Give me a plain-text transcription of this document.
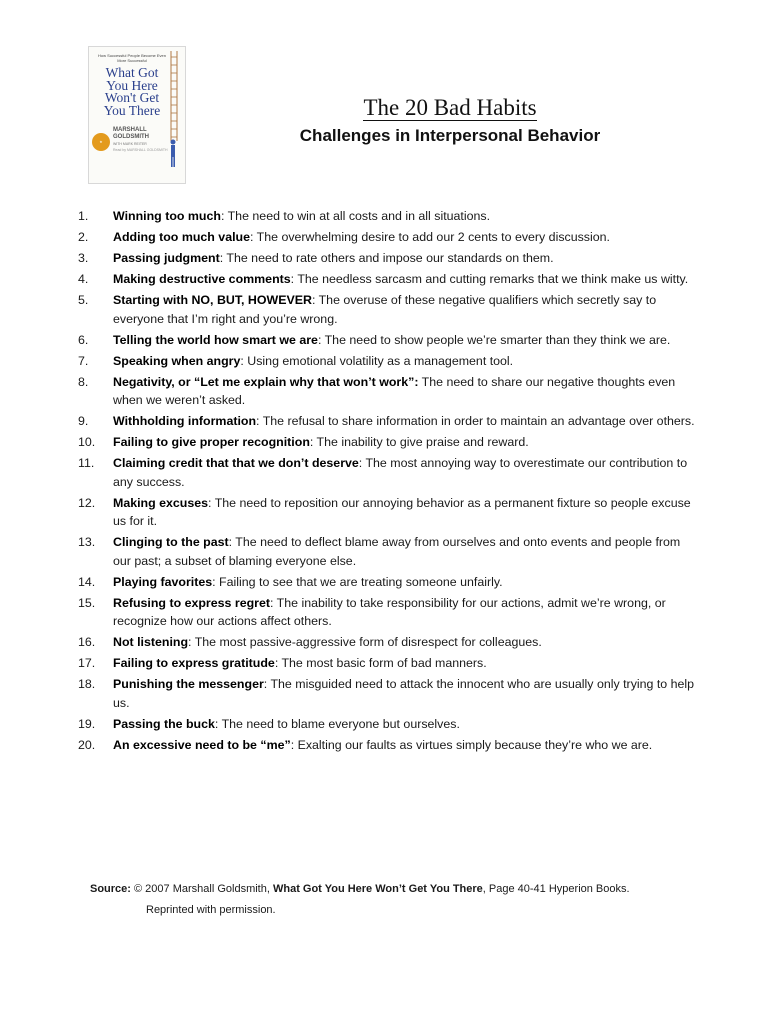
How Successful People Become Even More Successful
What Got
You Here
Won't Get
You There
MARSHALL
GOLDSMITH
WITH MARK REITER
Read by MARSHALL GOLDSMITH
★
The 20 Bad Habits
Challenges in Interpersonal Behavior
1. Winning too much: The need to win at all costs and in all situations.
2. Adding too much value: The overwhelming desire to add our 2 cents to every discussion.
3. Passing judgment: The need to rate others and impose our standards on them.
4. Making destructive comments: The needless sarcasm and cutting remarks that we think make us witty.
5. Starting with NO, BUT, HOWEVER: The overuse of these negative qualifiers which secretly say to everyone that I’m right and you’re wrong.
6. Telling the world how smart we are: The need to show people we’re smarter than they think we are.
7. Speaking when angry: Using emotional volatility as a management tool.
8. Negativity, or “Let me explain why that won’t work”: The need to share our negative thoughts even when we weren’t asked.
9. Withholding information: The refusal to share information in order to maintain an advantage over others.
10. Failing to give proper recognition: The inability to give praise and reward.
11. Claiming credit that that we don’t deserve: The most annoying way to overestimate our contribution to any success.
12. Making excuses: The need to reposition our annoying behavior as a permanent fixture so people excuse us for it.
13. Clinging to the past: The need to deflect blame away from ourselves and onto events and people from our past; a subset of blaming everyone else.
14. Playing favorites: Failing to see that we are treating someone unfairly.
15. Refusing to express regret: The inability to take responsibility for our actions, admit we’re wrong, or recognize how our actions affect others.
16. Not listening: The most passive-aggressive form of disrespect for colleagues.
17. Failing to express gratitude: The most basic form of bad manners.
18. Punishing the messenger: The misguided need to attack the innocent who are usually only trying to help us.
19. Passing the buck: The need to blame everyone but ourselves.
20. An excessive need to be “me”: Exalting our faults as virtues simply because they’re who we are.
Source: © 2007 Marshall Goldsmith, What Got You Here Won’t Get You There, Page 40-41 Hyperion Books.
Reprinted with permission.
